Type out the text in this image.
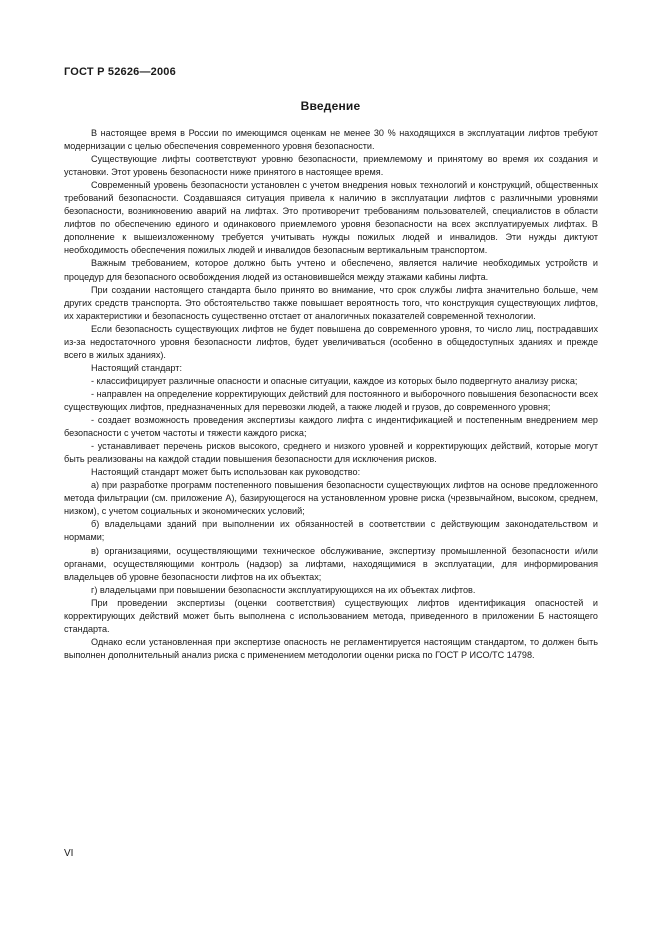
ГОСТ Р 52626—2006
Введение

В настоящее время в России по имеющимся оценкам не менее 30 % находящихся в эксплуатации лифтов требуют модернизации с целью обеспечения современного уровня безопасности.

Существующие лифты соответствуют уровню безопасности, приемлемому и принятому во время их создания и установки. Этот уровень безопасности ниже принятого в настоящее время.

Современный уровень безопасности установлен с учетом внедрения новых технологий и конструкций, общественных требований безопасности. Создавшаяся ситуация привела к наличию в эксплуатации лифтов с различными уровнями безопасности, возникновению аварий на лифтах. Это противоречит требованиям пользователей, специалистов в области лифтов по обеспечению единого и одинакового приемлемого уровня безопасности на всех эксплуатируемых лифтах. В дополнение к вышеизложенному требуется учитывать нужды пожилых людей и инвалидов. Эти нужды диктуют необходимость обеспечения пожилых людей и инвалидов безопасным вертикальным транспортом.

Важным требованием, которое должно быть учтено и обеспечено, является наличие необходимых устройств и процедур для безопасного освобождения людей из остановившейся между этажами кабины лифта.

При создании настоящего стандарта было принято во внимание, что срок службы лифта значительно больше, чем других средств транспорта. Это обстоятельство также повышает вероятность того, что конструкция существующих лифтов, их характеристики и безопасность существенно отстает от аналогичных показателей современной технологии.

Если безопасность существующих лифтов не будет повышена до современного уровня, то число лиц, пострадавших из-за недостаточного уровня безопасности лифтов, будет увеличиваться (особенно в общедоступных зданиях и прежде всего в жилых зданиях).

Настоящий стандарт:

- классифицирует различные опасности и опасные ситуации, каждое из которых было подвергнуто анализу риска;

- направлен на определение корректирующих действий для постоянного и выборочного повышения безопасности всех существующих лифтов, предназначенных для перевозки людей, а также людей и грузов, до современного уровня;

- создает возможность проведения экспертизы каждого лифта с индентификацией и постепенным внедрением мер безопасности с учетом частоты и тяжести каждого риска;

- устанавливает перечень рисков высокого, среднего и низкого уровней и корректирующих действий, которые могут быть реализованы на каждой стадии повышения безопасности для исключения рисков.

Настоящий стандарт может быть использован как руководство:

а) при разработке программ постепенного повышения безопасности существующих лифтов на основе предложенного метода фильтрации (см. приложение А), базирующегося на установленном уровне риска (чрезвычайном, высоком, среднем, низком), с учетом социальных и экономических условий;

б) владельцами зданий при выполнении их обязанностей в соответствии с действующим законодательством и нормами;

в) организациями, осуществляющими техническое обслуживание, экспертизу промышленной безопасности и/или органами, осуществляющими контроль (надзор) за лифтами, находящимися в эксплуатации, для информирования владельцев об уровне безопасности лифтов на их объектах;

г) владельцами при повышении безопасности эксплуатирующихся на их объектах лифтов.

При проведении экспертизы (оценки соответствия) существующих лифтов идентификация опасностей и корректирующих действий может быть выполнена с использованием метода, приведенного в приложении Б настоящего стандарта.

Однако если установленная при экспертизе опасность не регламентируется настоящим стандартом, то должен быть выполнен дополнительный анализ риска с применением методологии оценки риска по ГОСТ Р ИСО/ТС 14798.

VI
